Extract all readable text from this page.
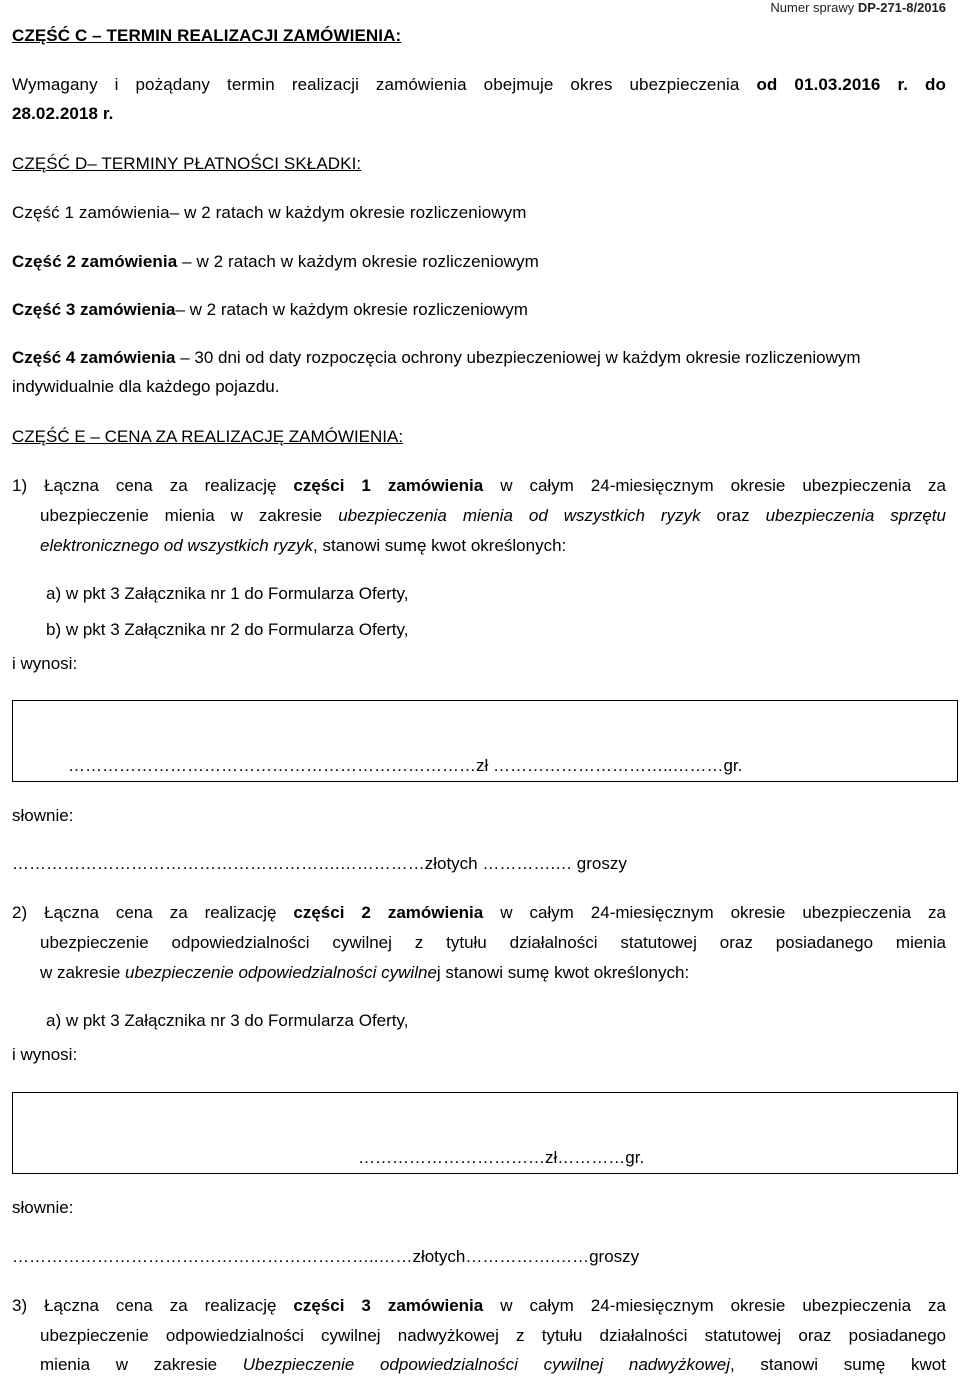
Numer sprawy DP-271-8/2016
CZĘŚĆ C – TERMIN REALIZACJI ZAMÓWIENIA:
Wymagany i pożądany termin realizacji zamówienia obejmuje okres ubezpieczenia od 01.03.2016 r. do
28.02.2018 r.
CZĘŚĆ D– TERMINY PŁATNOŚCI SKŁADKI:
Część 1 zamówienia– w 2 ratach w każdym okresie rozliczeniowym
Część 2 zamówienia – w 2 ratach w każdym okresie rozliczeniowym
Część 3 zamówienia– w 2 ratach w każdym okresie rozliczeniowym
Część 4 zamówienia – 30 dni od daty rozpoczęcia ochrony ubezpieczeniowej w każdym okresie rozliczeniowym
indywidualnie dla każdego pojazdu.
CZĘŚĆ E – CENA ZA REALIZACJĘ ZAMÓWIENIA:
1) Łączna cena za realizację części 1 zamówienia w całym 24-miesięcznym okresie ubezpieczenia za
ubezpieczenie mienia w zakresie ubezpieczenia mienia od wszystkich ryzyk oraz ubezpieczenia sprzętu
elektronicznego od wszystkich ryzyk, stanowi sumę kwot określonych:
a) w pkt 3 Załącznika nr 1 do Formularza Oferty,
b) w pkt 3 Załącznika nr 2 do Formularza Oferty,
i wynosi:
………………………………………………………………zł …………………………..………gr.
słownie:
………………………………………………….……………złotych ………….… groszy
2) Łączna cena za realizację części 2 zamówienia w całym 24-miesięcznym okresie ubezpieczenia za
ubezpieczenie odpowiedzialności cywilnej z tytułu działalności statutowej oraz posiadanego mienia
w zakresie ubezpieczenie odpowiedzialności cywilnej stanowi sumę kwot określonych:
a) w pkt 3 Załącznika nr 3 do Formularza Oferty,
i wynosi:
……………………………zł…………gr.
słownie:
………………………………………………………..……złotych…………….……groszy
3) Łączna cena za realizację części 3 zamówienia w całym 24-miesięcznym okresie ubezpieczenia za
ubezpieczenie odpowiedzialności cywilnej nadwyżkowej z tytułu działalności statutowej oraz posiadanego
mienia w zakresie Ubezpieczenie odpowiedzialności cywilnej nadwyżkowej, stanowi sumę kwot
